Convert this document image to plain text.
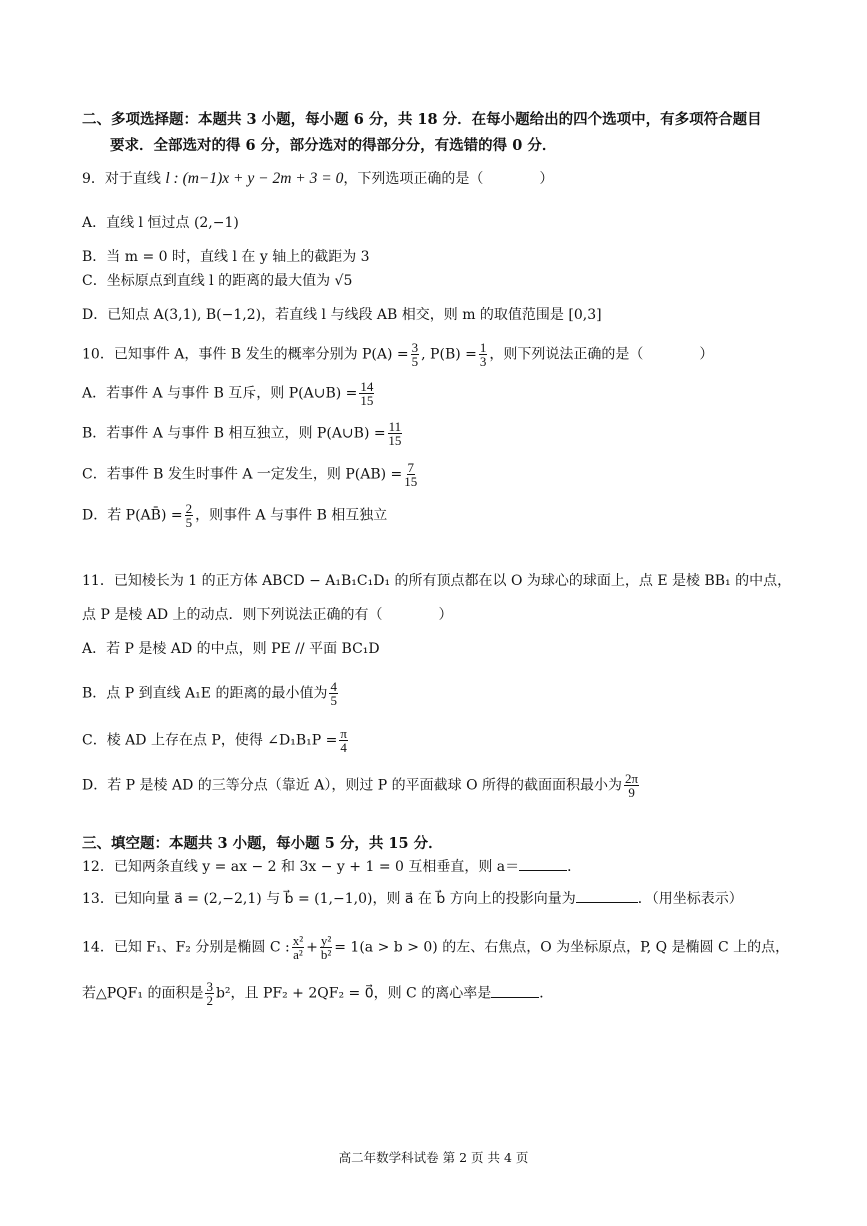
二、多项选择题：本题共 3 小题，每小题 6 分，共 18 分．在每小题给出的四个选项中，有多项符合题目
要求．全部选对的得 6 分，部分选对的得部分分，有选错的得 0 分．
9．对于直线 l : (m−1)x + y − 2m + 3 = 0，下列选项正确的是（　　　　）
A．直线 l 恒过点 (2,−1)
B．当 m = 0 时，直线 l 在 y 轴上的截距为 3
C．坐标原点到直线 l 的距离的最大值为 √5
D．已知点 A(3,1), B(−1,2)，若直线 l 与线段 AB 相交，则 m 的取值范围是 [0,3]
10．已知事件 A，事件 B 发生的概率分别为 $P(A) = \frac{3}{5}$ , $P(B) = \frac{1}{3}$ ，则下列说法正确的是（　　　　）
A．若事件 A 与事件 B 互斥，则 P(A∪B) = $\frac{14}{15}$
B．若事件 A 与事件 B 相互独立，则 P(A∪B) = $\frac{11}{15}$
C．若事件 B 发生时事件 A 一定发生，则 $P(AB) = \frac{7}{15}$
D．若 P(AB̄) = $\frac{2}{5}$ ，则事件 A 与事件 B 相互独立
11．已知棱长为 1 的正方体 ABCD − A₁B₁C₁D₁ 的所有顶点都在以 O 为球心的球面上，点 E 是棱 BB₁ 的中点，
点 P 是棱 AD 上的动点．则下列说法正确的有（　　　　）
A．若 P 是棱 AD 的中点，则 PE // 平面 BC₁D
B．点 P 到直线 A₁E 的距离的最小值为 $\frac{4}{5}$
C．棱 AD 上存在点 P，使得 ∠D₁B₁P = $\frac{\pi}{4}$
D．若 P 是棱 AD 的三等分点（靠近 A），则过 P 的平面截球 O 所得的截面面积最小为 $\frac{2\pi}{9}$
三、填空题：本题共 3 小题，每小题 5 分，共 15 分．
12．已知两条直线 y = ax − 2 和 3x − y + 1 = 0 互相垂直，则 a＝	．
13．已知向量 a⃗ = (2,−2,1) 与 b⃗ = (1,−1,0)，则 a⃗ 在 b⃗ 方向上的投影向量为	．（用坐标表示）
14．已知 F₁、F₂ 分别是椭圆 C : $\frac{\text{x²}}{\text{a²}} + \frac{\text{y²}}{\text{b²}} = 1(a > b > 0)$ 的左、右焦点，O 为坐标原点，P, Q 是椭圆 C 上的点，
若△PQF₁ 的面积是 $\frac{3}{2} b^2$，且 PF₂ + 2QF₂ = 0⃗，则 C 的离心率是	．
高二年数学科试卷 第 2 页 共 4 页
